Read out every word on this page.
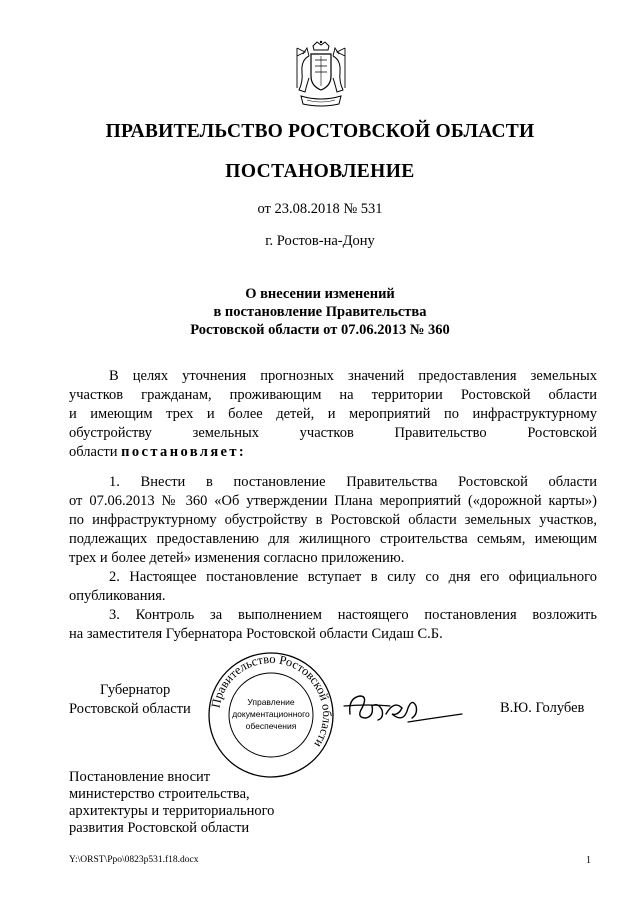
ПРАВИТЕЛЬСТВО РОСТОВСКОЙ ОБЛАСТИ
ПОСТАНОВЛЕНИЕ
от 23.08.2018 № 531
г. Ростов-на-Дону
О внесении изменений
в постановление Правительства
Ростовской области от 07.06.2013 № 360

В целях уточнения прогнозных значений предоставления земельных

участков гражданам, проживающим на территории Ростовской области

и имеющим трех и более детей, и мероприятий по инфраструктурному

обустройству земельных участков Правительство Ростовской

области постановляет:

1. Внести в постановление Правительства Ростовской области

от 07.06.2013 № 360 «Об утверждении Плана мероприятий («дорожной карты»)

по инфраструктурному обустройству в Ростовской области земельных участков,

подлежащих предоставлению для жилищного строительства семьям, имеющим

трех и более детей» изменения согласно приложению.

2. Настоящее постановление вступает в силу со дня его официального

опубликования.

3. Контроль за выполнением настоящего постановления возложить

на заместителя Губернатора Ростовской области Сидаш С.Б.

Губернатор
Ростовской области Правительство Ростовской области
Управление
документационного
обеспечения
В.Ю. Голубев
Постановление вносит
министерство строительства,
архитектуры и территориального
развития Ростовской области
Y:\ORST\Ppo\0823p531.f18.docx	1
